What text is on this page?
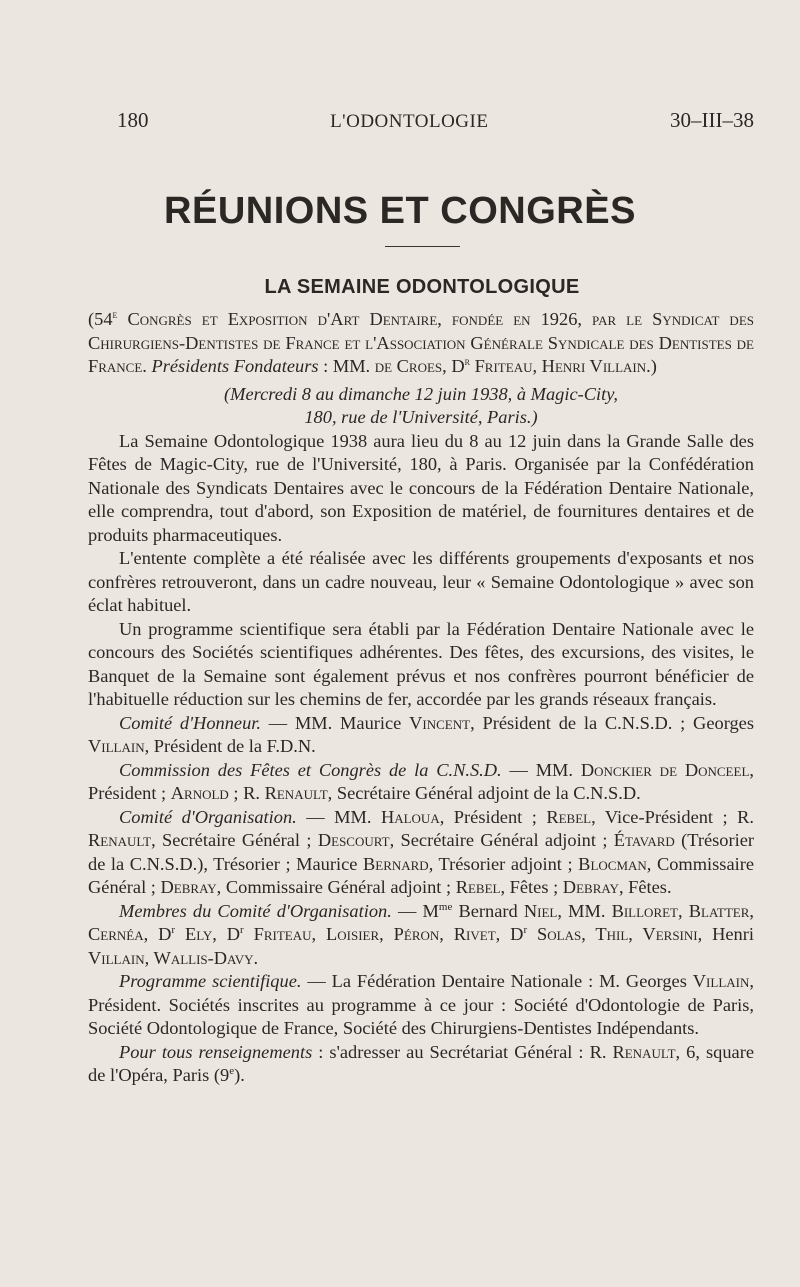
180	L'ODONTOLOGIE	30–III–38
RÉUNIONS ET CONGRÈS
LA SEMAINE ODONTOLOGIQUE

(54e Congrès et Exposition d'Art Dentaire, fondée en 1926, par le Syndicat des Chirurgiens-Dentistes de France et l'Association Générale Syndicale des Dentistes de France. Présidents Fondateurs : MM. de Croes, $D^r$ Friteau, Henri Villain.)

(Mercredi 8 au dimanche 12 juin 1938, à Magic-City,
180, rue de l'Université, Paris.)

La Semaine Odontologique 1938 aura lieu du 8 au 12 juin dans la Grande Salle des Fêtes de Magic-City, rue de l'Université, 180, à Paris. Organisée par la Confédération Nationale des Syndicats Dentaires avec le concours de la Fédération Dentaire Nationale, elle comprendra, tout d'abord, son Exposition de matériel, de fournitures dentaires et de produits pharmaceutiques.

L'entente complète a été réalisée avec les différents groupements d'exposants et nos confrères retrouveront, dans un cadre nouveau, leur « Semaine Odontologique » avec son éclat habituel.

Un programme scientifique sera établi par la Fédération Dentaire Nationale avec le concours des Sociétés scientifiques adhérentes. Des fêtes, des excursions, des visites, le Banquet de la Semaine sont également prévus et nos confrères pourront bénéficier de l'habituelle réduction sur les chemins de fer, accordée par les grands réseaux français.

Comité d'Honneur. — MM. Maurice Vincent, Président de la C.N.S.D. ; Georges Villain, Président de la F.D.N.

Commission des Fêtes et Congrès de la C.N.S.D. — MM. Donckier de Donceel, Président ; Arnold ; R. Renault, Secrétaire Général adjoint de la C.N.S.D.

Comité d'Organisation. — MM. Haloua, Président ; Rebel, Vice-Président ; R. Renault, Secrétaire Général ; Descourt, Secrétaire Général adjoint ; Étavard (Trésorier de la C.N.S.D.), Trésorier ; Maurice Bernard, Trésorier adjoint ; Blocman, Commissaire Général ; Debray, Commissaire Général adjoint ; Rebel, Fêtes ; Debray, Fêtes.

Membres du Comité d'Organisation. — $M^{me}$ Bernard Niel, MM. Billoret, Blatter, Cernéa, $D^r$ Ely, $D^r$ Friteau, Loisier, Péron, Rivet, $D^r$ Solas, Thil, Versini, Henri Villain, Wallis-Davy.

Programme scientifique. — La Fédération Dentaire Nationale : M. Georges Villain, Président. Sociétés inscrites au programme à ce jour : Société d'Odontologie de Paris, Société Odontologique de France, Société des Chirurgiens-Dentistes Indépendants.

Pour tous renseignements : s'adresser au Secrétariat Général : R. Renault, 6, square de l'Opéra, Paris (9e).
